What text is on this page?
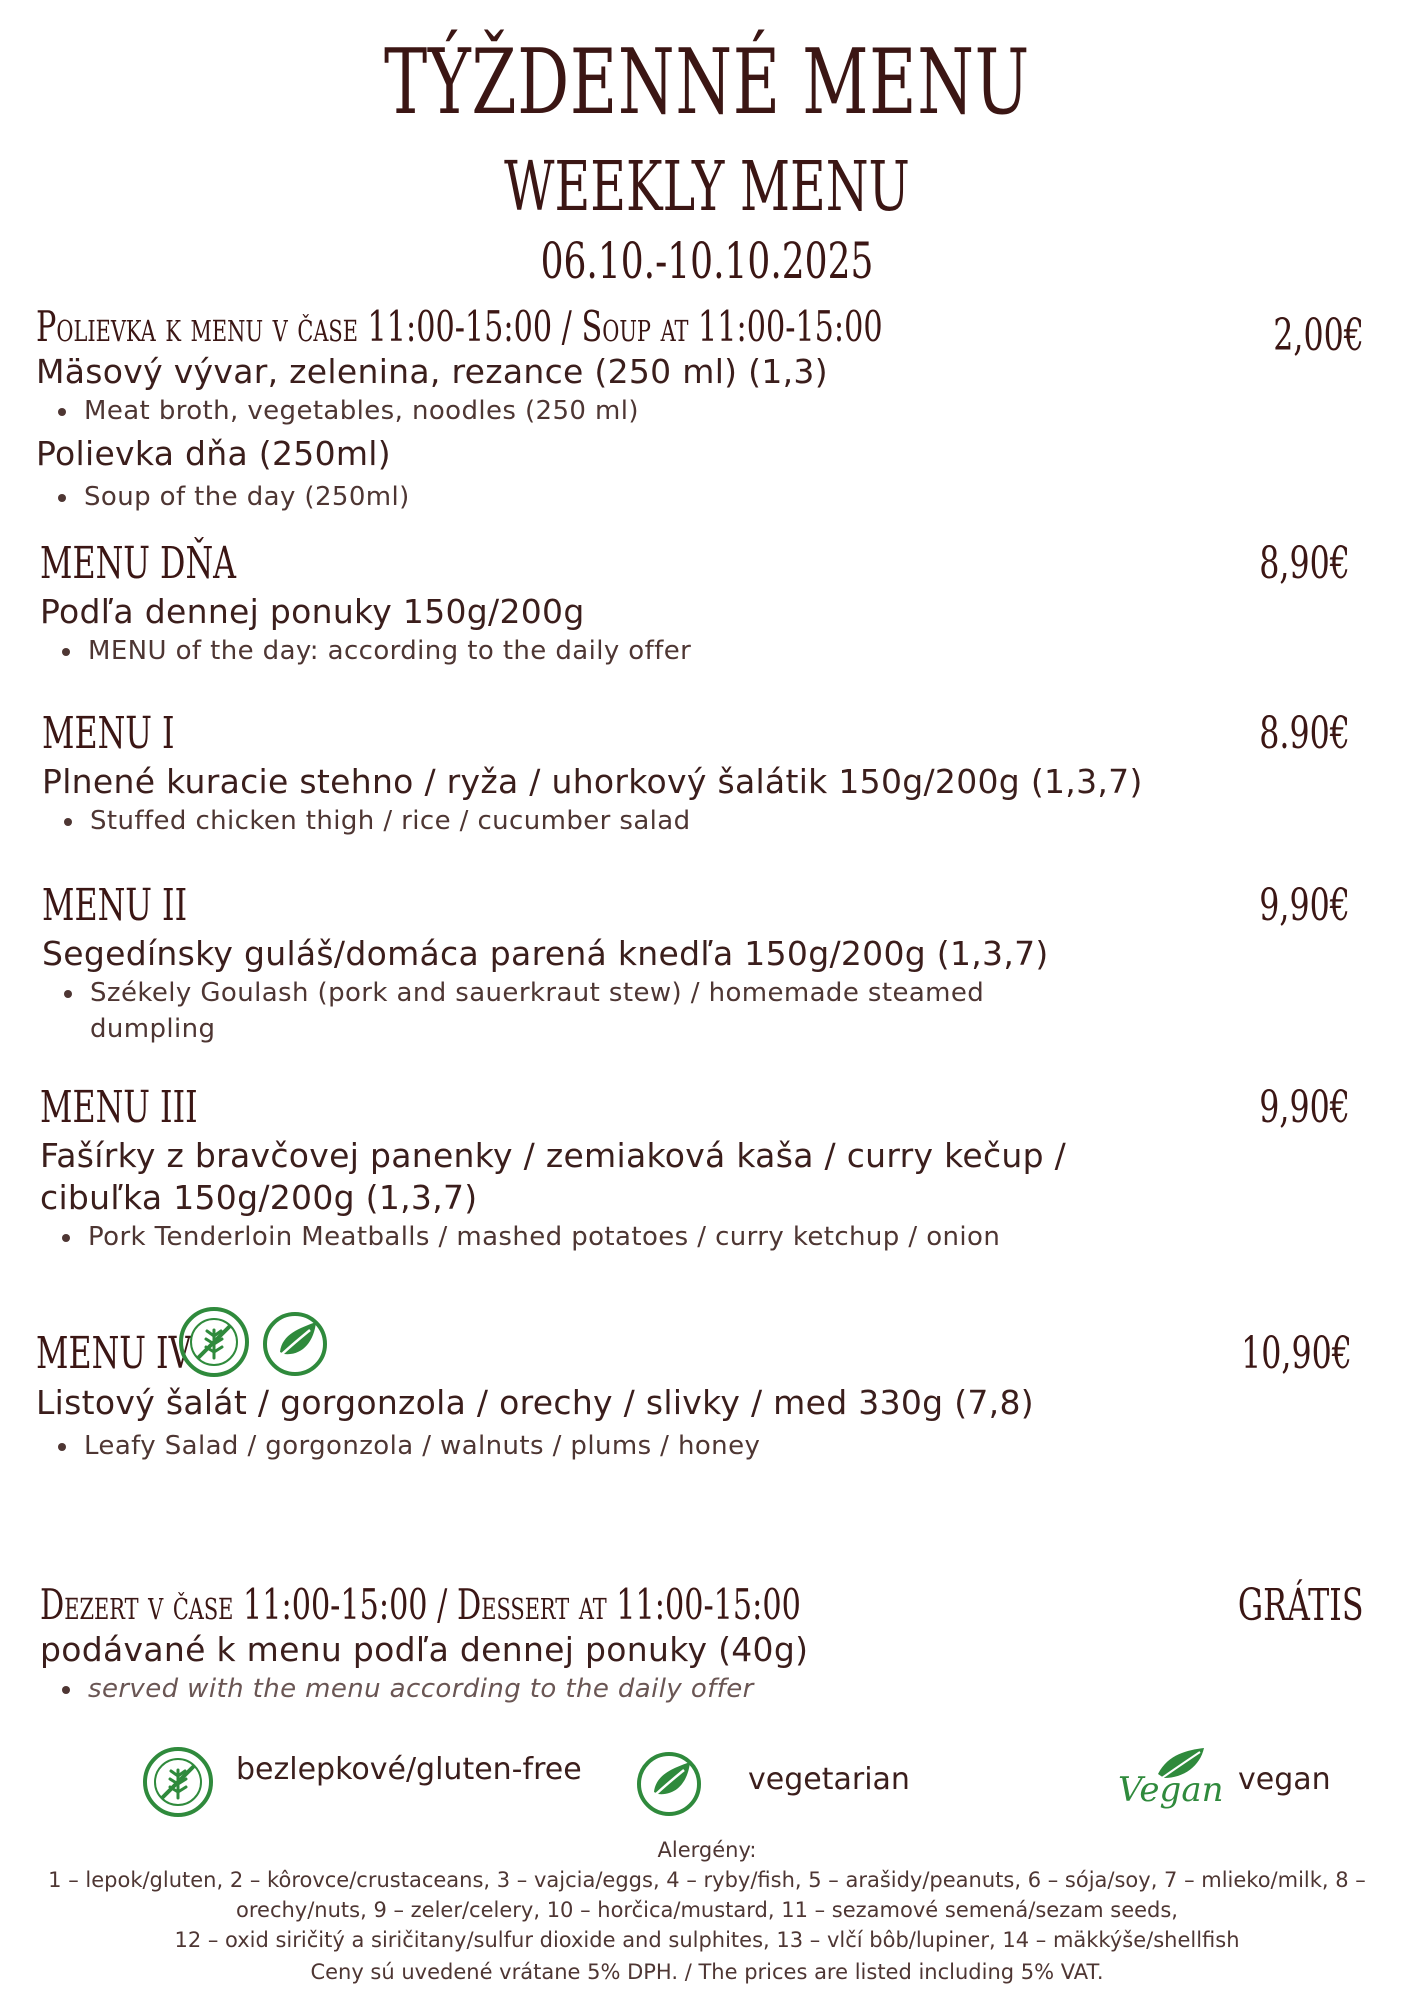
TÝŽDENNÉ MENU
WEEKLY MENU
06.10.-10.10.2025
Polievka k menu v čase 11:00-15:00 / Soup at 11:00-15:00
Mäsový vývar, zelenina, rezance (250 ml) (1,3)
Meat broth, vegetables, noodles (250 ml)
Polievka dňa (250ml)
Soup of the day (250ml)
2,00€
MENU DŇA
Podľa dennej ponuky 150g/200g
MENU of the day: according to the daily offer
8,90€
MENU I
Plnené kuracie stehno / ryža / uhorkový šalátik 150g/200g (1,3,7)
Stuffed chicken thigh / rice / cucumber salad
8.90€
MENU II
Segedínsky guláš/domáca parená knedľa 150g/200g (1,3,7)
Székely Goulash (pork and sauerkraut stew) / homemade steamed dumpling
9,90€
MENU III
Fašírky z bravčovej panenky / zemiaková kaša / curry kečup /
cibuľka 150g/200g (1,3,7)
Pork Tenderloin Meatballs / mashed potatoes / curry ketchup / onion
9,90€
MENU IV
Listový šalát / gorgonzola / orechy / slivky / med 330g (7,8)
Leafy Salad / gorgonzola / walnuts / plums / honey
10,90€
Dezert v čase 11:00-15:00 / Dessert at 11:00-15:00
podávané k menu podľa dennej ponuky (40g)
served with the menu according to the daily offer
GRÁTIS
bezlepkové/gluten-free	vegetarian	Vegan vegan
Alergény:
1 – lepok/gluten, 2 – kôrovce/crustaceans, 3 – vajcia/eggs, 4 – ryby/fish, 5 – arašidy/peanuts, 6 – sója/soy, 7 – mlieko/milk, 8 –
orechy/nuts, 9 – zeler/celery, 10 – horčica/mustard, 11 – sezamové semená/sezam seeds,
12 – oxid siričitý a siričitany/sulfur dioxide and sulphites, 13 – vlčí bôb/lupiner, 14 – mäkkýše/shellfish
Ceny sú uvedené vrátane 5% DPH. / The prices are listed including 5% VAT.
